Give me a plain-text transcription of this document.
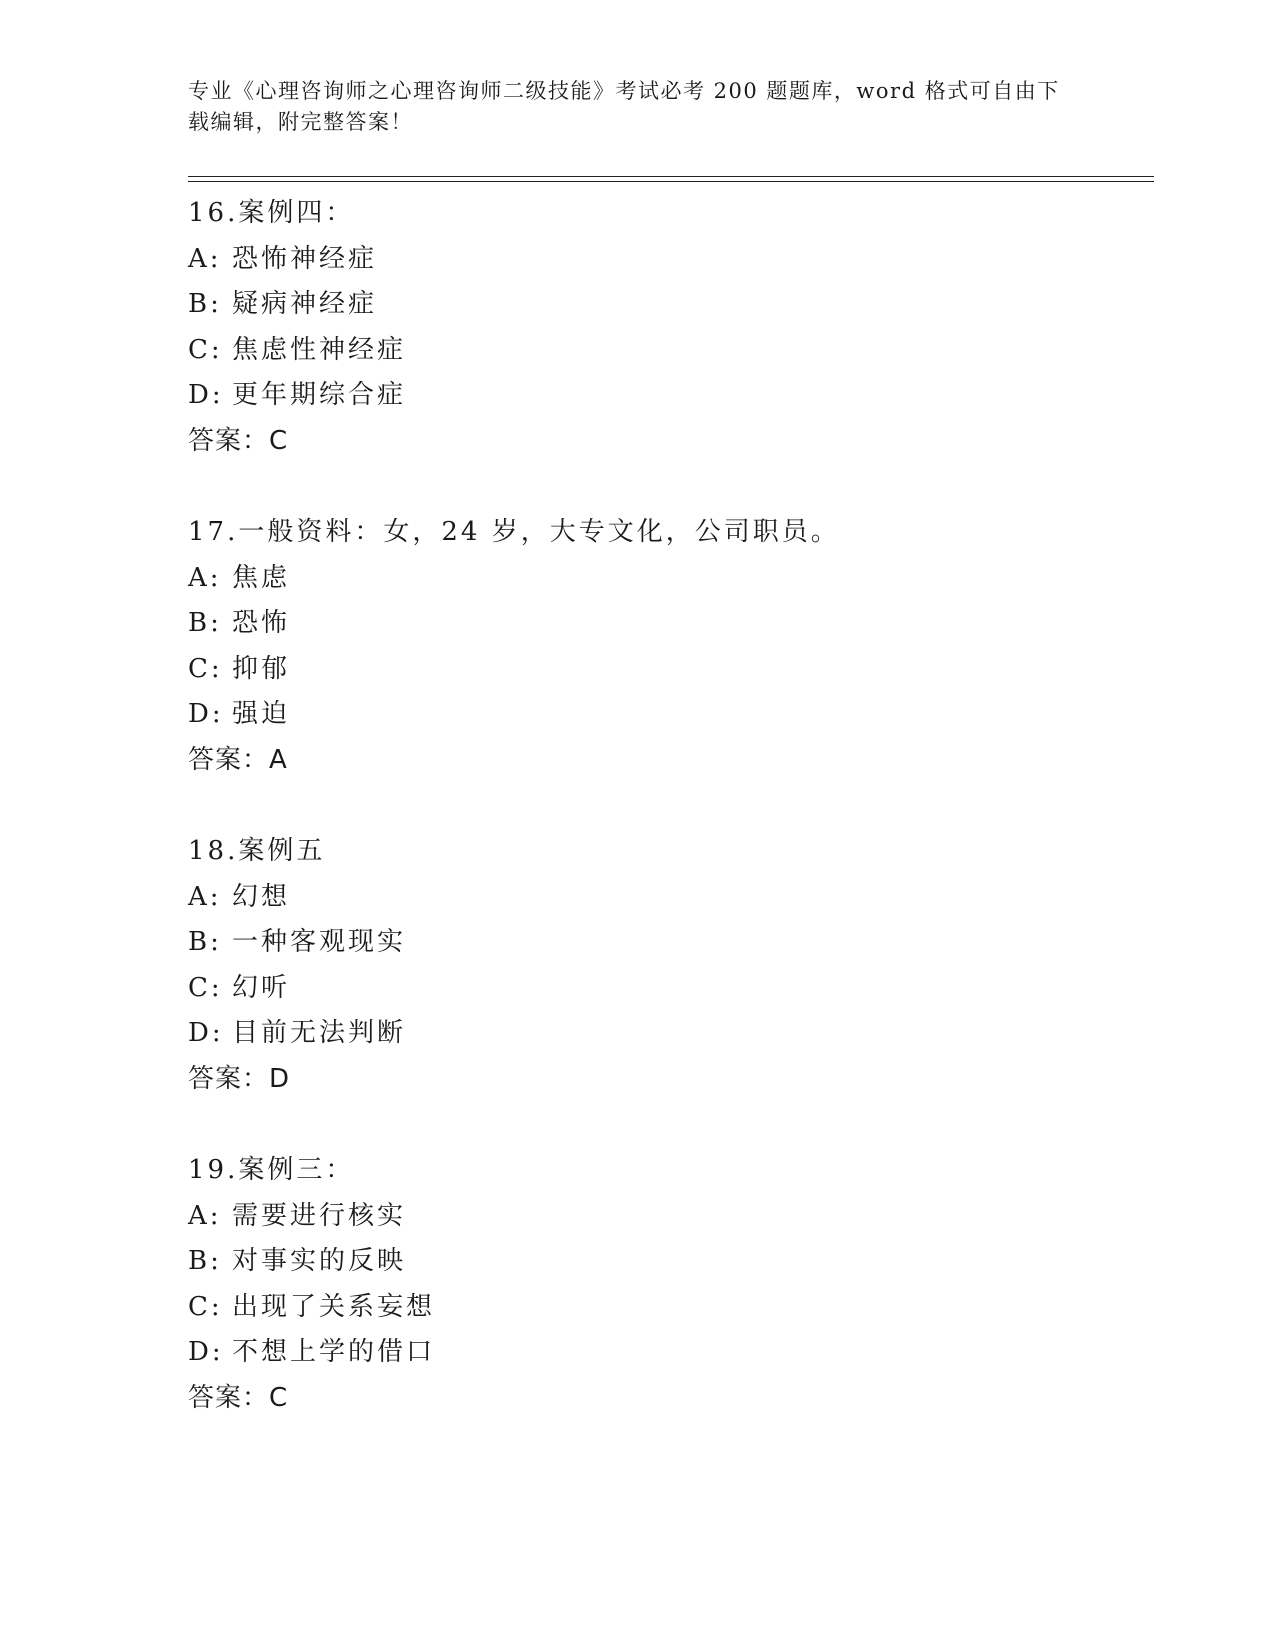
专业《心理咨询师之心理咨询师二级技能》考试必考 200 题题库，word 格式可自由下载编辑，附完整答案！
16.案例四：
A: 恐怖神经症
B: 疑病神经症
C: 焦虑性神经症
D: 更年期综合症
答案：C
17.一般资料：女，24 岁，大专文化，公司职员。
A: 焦虑
B: 恐怖
C: 抑郁
D: 强迫
答案：A
18.案例五
A: 幻想
B: 一种客观现实
C: 幻听
D: 目前无法判断
答案：D
19.案例三：
A: 需要进行核实
B: 对事实的反映
C: 出现了关系妄想
D: 不想上学的借口
答案：C
